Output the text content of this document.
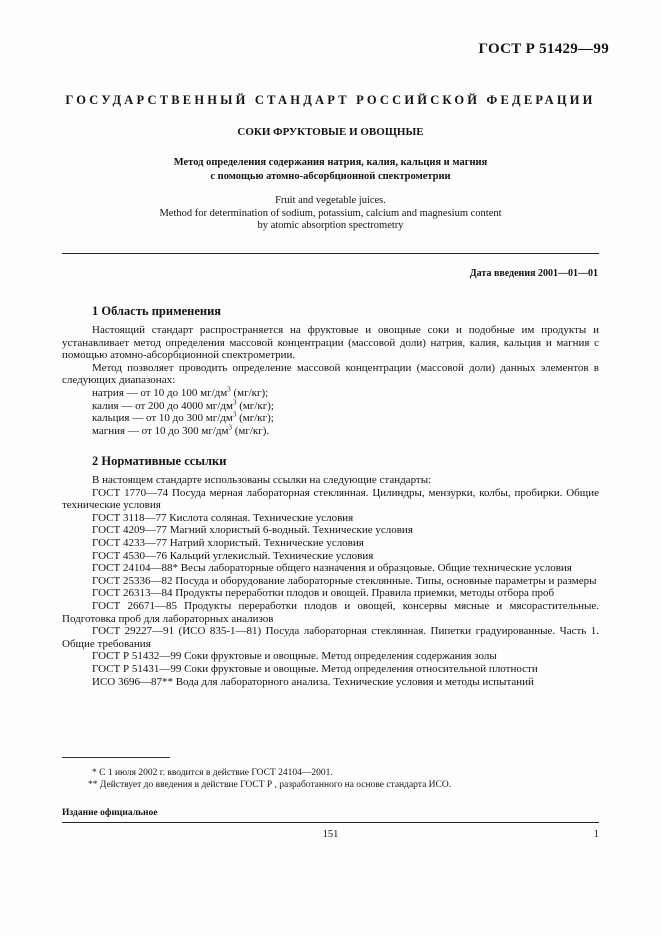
ГОСТ Р 51429—99
ГОСУДАРСТВЕННЫЙ СТАНДАРТ РОССИЙСКОЙ ФЕДЕРАЦИИ
СОКИ ФРУКТОВЫЕ И ОВОЩНЫЕ
Метод определения содержания натрия, калия, кальция и магния
с помощью атомно-абсорбционной спектрометрии
Fruit and vegetable juices.
Method for determination of sodium, potassium, calcium and magnesium content
by atomic absorption spectrometry
Дата введения 2001—01—01
1 Область применения

Настоящий стандарт распространяется на фруктовые и овощные соки и подобные им продукты и устанавливает метод определения массовой концентрации (массовой доли) натрия, калия, кальция и магния с помощью атомно-абсорбционной спектрометрии.

Метод позволяет проводить определение массовой концентрации (массовой доли) данных элементов в следующих диапазонах:

натрия — от 10 до 100 $мг/дм^3$ (мг/кг);
калия — от 200 до 4000 $мг/дм^3$ (мг/кг);
кальция — от 10 до 300 $мг/дм^3$ (мг/кг);
магния — от 10 до 300 $мг/дм^3$ (мг/кг).
2 Нормативные ссылки

В настоящем стандарте использованы ссылки на следующие стандарты:

ГОСТ 1770—74 Посуда мерная лабораторная стеклянная. Цилиндры, мензурки, колбы, пробирки. Общие технические условия

ГОСТ 3118—77 Кислота соляная. Технические условия

ГОСТ 4209—77 Магний хлористый 6-водный. Технические условия

ГОСТ 4233—77 Натрий хлористый. Технические условия

ГОСТ 4530—76 Кальций углекислый. Технические условия

ГОСТ 24104—88* Весы лабораторные общего назначения и образцовые. Общие технические условия

ГОСТ 25336—82 Посуда и оборудование лабораторные стеклянные. Типы, основные параметры и размеры

ГОСТ 26313—84 Продукты переработки плодов и овощей. Правила приемки, методы отбора проб

ГОСТ 26671—85 Продукты переработки плодов и овощей, консервы мясные и мясорастительные. Подготовка проб для лабораторных анализов

ГОСТ 29227—91 (ИСО 835-1—81) Посуда лабораторная стеклянная. Пипетки градуированные. Часть 1. Общие требования

ГОСТ Р 51432—99 Соки фруктовые и овощные. Метод определения содержания золы

ГОСТ Р 51431—99 Соки фруктовые и овощные. Метод определения относительной плотности

ИСО 3696—87** Вода для лабораторного анализа. Технические условия и методы испытаний

* С 1 июля 2002 г. вводится в действие ГОСТ 24104—2001.
** Действует до введения в действие ГОСТ Р , разработанного на основе стандарта ИСО.
Издание официальное
151	1
